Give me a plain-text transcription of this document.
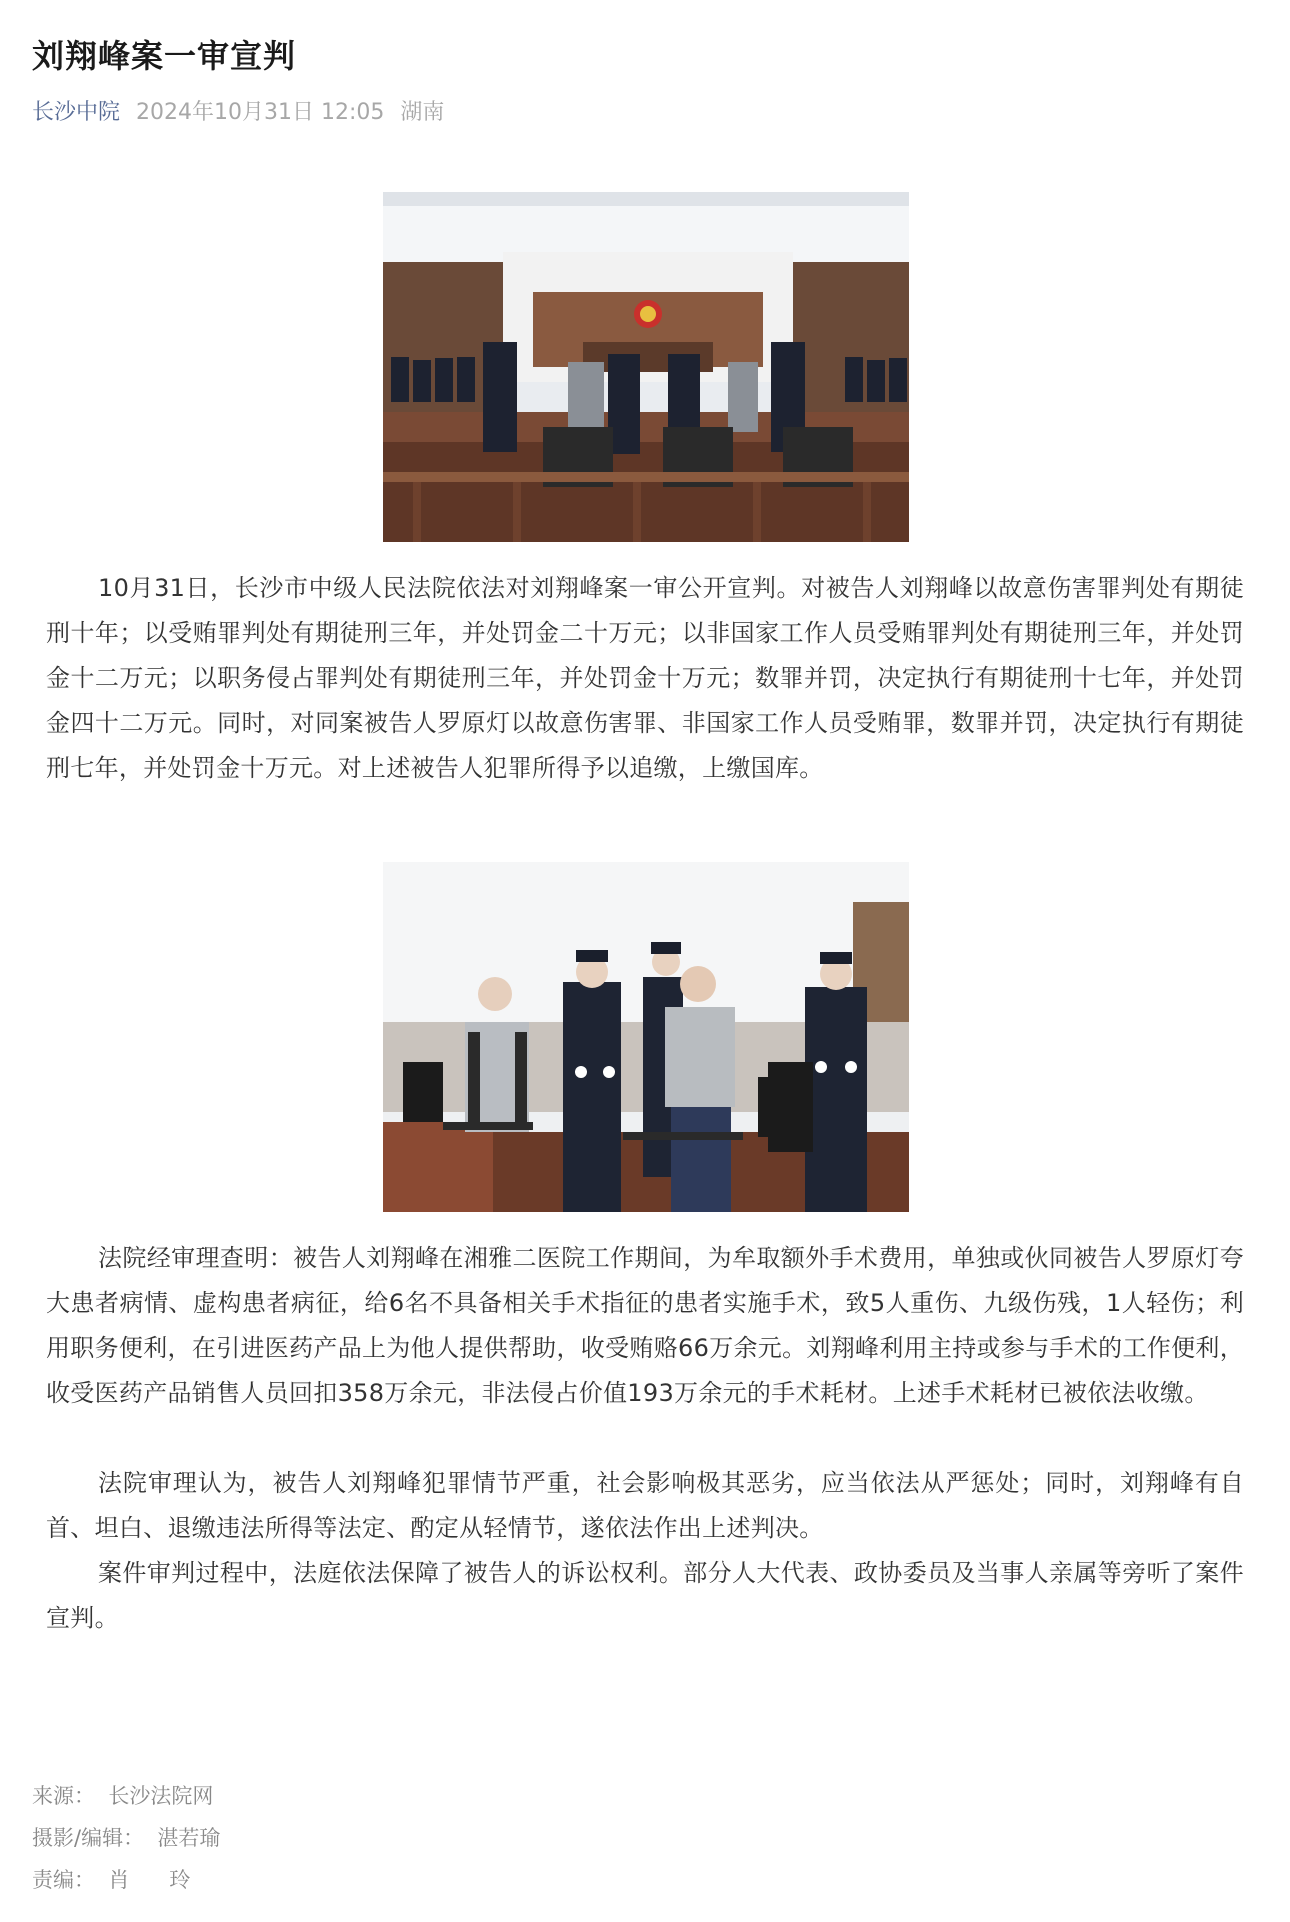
刘翔峰案一审宣判
长沙中院 2024年10月31日 12:05 湖南

10月31日，长沙市中级人民法院依法对刘翔峰案一审公开宣判。对被告人刘翔峰以故意伤害罪判处有期徒刑十年；以受贿罪判处有期徒刑三年，并处罚金二十万元；以非国家工作人员受贿罪判处有期徒刑三年，并处罚金十二万元；以职务侵占罪判处有期徒刑三年，并处罚金十万元；数罪并罚，决定执行有期徒刑十七年，并处罚金四十二万元。同时，对同案被告人罗原灯以故意伤害罪、非国家工作人员受贿罪，数罪并罚，决定执行有期徒刑七年，并处罚金十万元。对上述被告人犯罪所得予以追缴，上缴国库。

法院经审理查明：被告人刘翔峰在湘雅二医院工作期间，为牟取额外手术费用，单独或伙同被告人罗原灯夸大患者病情、虚构患者病征，给6名不具备相关手术指征的患者实施手术，致5人重伤、九级伤残，1人轻伤；利用职务便利，在引进医药产品上为他人提供帮助，收受贿赂66万余元。刘翔峰利用主持或参与手术的工作便利，收受医药产品销售人员回扣358万余元，非法侵占价值193万余元的手术耗材。上述手术耗材已被依法收缴。

法院审理认为，被告人刘翔峰犯罪情节严重，社会影响极其恶劣，应当依法从严惩处；同时，刘翔峰有自首、坦白、退缴违法所得等法定、酌定从轻情节，遂依法作出上述判决。

案件审判过程中，法庭依法保障了被告人的诉讼权利。部分人大代表、政协委员及当事人亲属等旁听了案件宣判。

来源：  长沙法院网
摄影/编辑：  湛若瑜
责编：  肖      玲
